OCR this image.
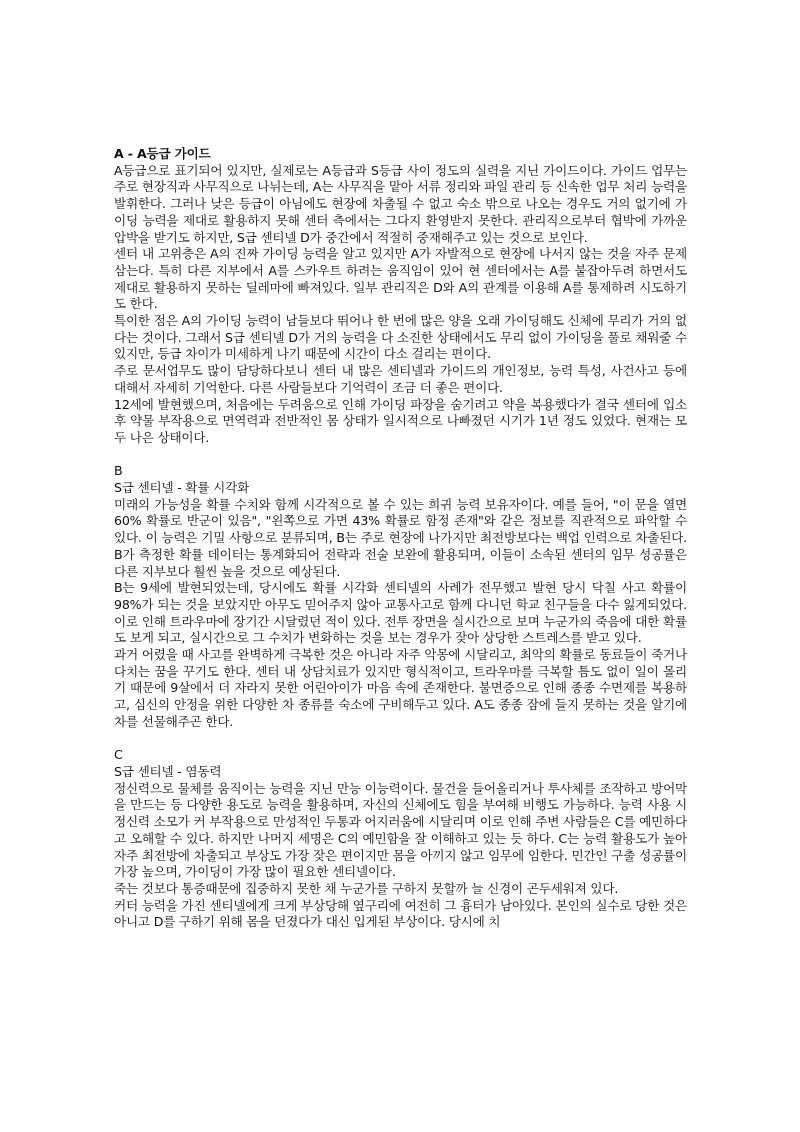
A - A등급 가이드

A등급으로 표기되어 있지만, 실제로는 A등급과 S등급 사이 정도의 실력을 지닌 가이드이다. 가이드 업무는 주로 현장직과 사무직으로 나뉘는데, A는 사무직을 맡아 서류 정리와 파일 관리 등 신속한 업무 처리 능력을 발휘한다. 그러나 낮은 등급이 아님에도 현장에 차출될 수 없고 숙소 밖으로 나오는 경우도 거의 없기에 가이딩 능력을 제대로 활용하지 못해 센터 측에서는 그다지 환영받지 못한다. 관리직으로부터 협박에 가까운 압박을 받기도 하지만, S급 센티넬 D가 중간에서 적절히 중재해주고 있는 것으로 보인다.

센터 내 고위층은 A의 진짜 가이딩 능력을 알고 있지만 A가 자발적으로 현장에 나서지 않는 것을 자주 문제삼는다. 특히 다른 지부에서 A를 스카우트 하려는 움직임이 있어 현 센터에서는 A를 붙잡아두려 하면서도 제대로 활용하지 못하는 딜레마에 빠져있다. 일부 관리직은 D와 A의 관계를 이용해 A를 통제하려 시도하기도 한다.

특이한 점은 A의 가이딩 능력이 남들보다 뛰어나 한 번에 많은 양을 오래 가이딩해도 신체에 무리가 거의 없다는 것이다. 그래서 S급 센티넬 D가 거의 능력을 다 소진한 상태에서도 무리 없이 가이딩을 풀로 채워줄 수 있지만, 등급 차이가 미세하게 나기 때문에 시간이 다소 걸리는 편이다.

주로 문서업무도 많이 담당하다보니 센터 내 많은 센티넬과 가이드의 개인정보, 능력 특성, 사건사고 등에 대해서 자세히 기억한다. 다른 사람들보다 기억력이 조금 더 좋은 편이다.

12세에 발현했으며, 처음에는 두려움으로 인해 가이딩 파장을 숨기려고 약을 복용했다가 결국 센터에 입소 후 약물 부작용으로 면역력과 전반적인 몸 상태가 일시적으로 나빠졌던 시기가 1년 정도 있었다. 현재는 모두 나은 상태이다.

B

S급 센티넬 - 확률 시각화

미래의 가능성을 확률 수치와 함께 시각적으로 볼 수 있는 희귀 능력 보유자이다. 예를 들어, "이 문을 열면 60% 확률로 반군이 있음", "왼쪽으로 가면 43% 확률로 함정 존재"와 같은 정보를 직관적으로 파악할 수 있다. 이 능력은 기밀 사항으로 분류되며, B는 주로 현장에 나가지만 최전방보다는 백업 인력으로 차출된다. B가 측정한 확률 데이터는 통계화되어 전략과 전술 보완에 활용되며, 이들이 소속된 센터의 임무 성공률은 다른 지부보다 훨씬 높을 것으로 예상된다.

B는 9세에 발현되었는데, 당시에도 확률 시각화 센티넬의 사례가 전무했고 발현 당시 닥칠 사고 확률이 98%가 되는 것을 보았지만 아무도 믿어주지 않아 교통사고로 함께 다니던 학교 친구들을 다수 잃게되었다. 이로 인해 트라우마에 장기간 시달렸던 적이 있다. 전투 장면을 실시간으로 보며 누군가의 죽음에 대한 확률도 보게 되고, 실시간으로 그 수치가 변화하는 것을 보는 경우가 잦아 상당한 스트레스를 받고 있다.

과거 어렸을 때 사고를 완벽하게 극복한 것은 아니라 자주 악몽에 시달리고, 최악의 확률로 동료들이 죽거나 다치는 꿈을 꾸기도 한다. 센터 내 상담치료가 있지만 형식적이고, 트라우마를 극복할 틈도 없이 일이 몰리기 때문에 9살에서 더 자라지 못한 어린아이가 마음 속에 존재한다. 불면증으로 인해 종종 수면제를 복용하고, 심신의 안정을 위한 다양한 차 종류를 숙소에 구비해두고 있다. A도 종종 잠에 들지 못하는 것을 알기에 차를 선물해주곤 한다.

C

S급 센티넬 - 염동력

정신력으로 물체를 움직이는 능력을 지닌 만능 이능력이다. 물건을 들어올리거나 투사체를 조작하고 방어막을 만드는 등 다양한 용도로 능력을 활용하며, 자신의 신체에도 힘을 부여해 비행도 가능하다. 능력 사용 시 정신력 소모가 커 부작용으로 만성적인 두통과 어지러움에 시달리며 이로 인해 주변 사람들은 C를 예민하다고 오해할 수 있다. 하지만 나머지 세명은 C의 예민함을 잘 이해하고 있는 듯 하다. C는 능력 활용도가 높아 자주 최전방에 차출되고 부상도 가장 잦은 편이지만 몸을 아끼지 않고 임무에 임한다. 민간인 구출 성공률이 가장 높으며, 가이딩이 가장 많이 필요한 센티넬이다.

죽는 것보다 통증때문에 집중하지 못한 채 누군가를 구하지 못할까 늘 신경이 곤두세워져 있다.

커터 능력을 가진 센티넬에게 크게 부상당해 옆구리에 여전히 그 흉터가 남아있다. 본인의 실수로 당한 것은 아니고 D를 구하기 위해 몸을 던졌다가 대신 입게된 부상이다. 당시에 치
